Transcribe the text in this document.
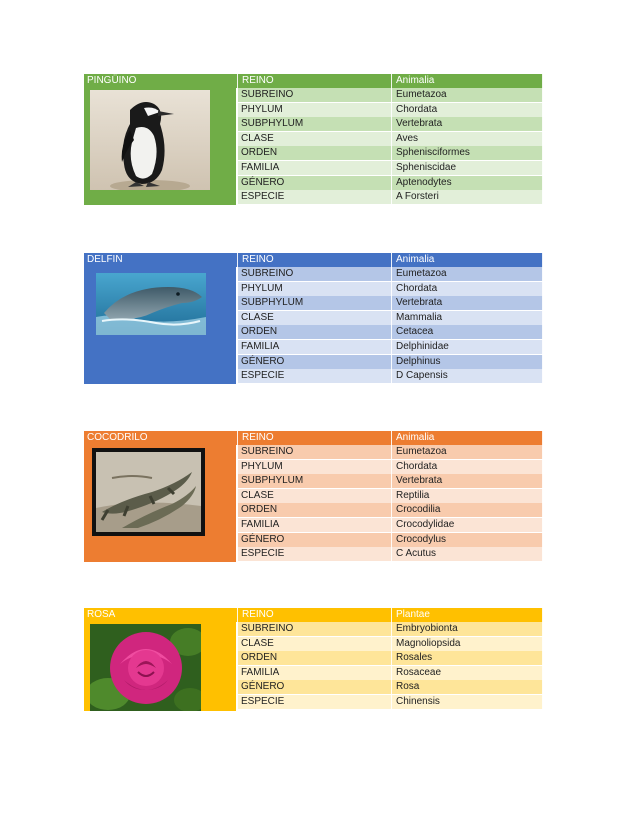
PINGÜINO	REINO	Animalia
SUBREINO	Eumetazoa
PHYLUM	Chordata
SUBPHYLUM	Vertebrata
CLASE	Aves
ORDEN	Sphenisciformes
FAMILIA	Spheniscidae
GÉNERO	Aptenodytes
ESPECIE	A Forsteri
DELFIN	REINO	Animalia
SUBREINO	Eumetazoa
PHYLUM	Chordata
SUBPHYLUM	Vertebrata
CLASE	Mammalia
ORDEN	Cetacea
FAMILIA	Delphinidae
GÉNERO	Delphinus
ESPECIE	D Capensis
COCODRILO	REINO	Animalia
SUBREINO	Eumetazoa
PHYLUM	Chordata
SUBPHYLUM	Vertebrata
CLASE	Reptilia
ORDEN	Crocodilia
FAMILIA	Crocodylidae
GÉNERO	Crocodylus
ESPECIE	C Acutus
ROSA	REINO	Plantae
SUBREINO	Embryobionta
CLASE	Magnoliopsida
ORDEN	Rosales
FAMILIA	Rosaceae
GÉNERO	Rosa
ESPECIE	Chinensis
